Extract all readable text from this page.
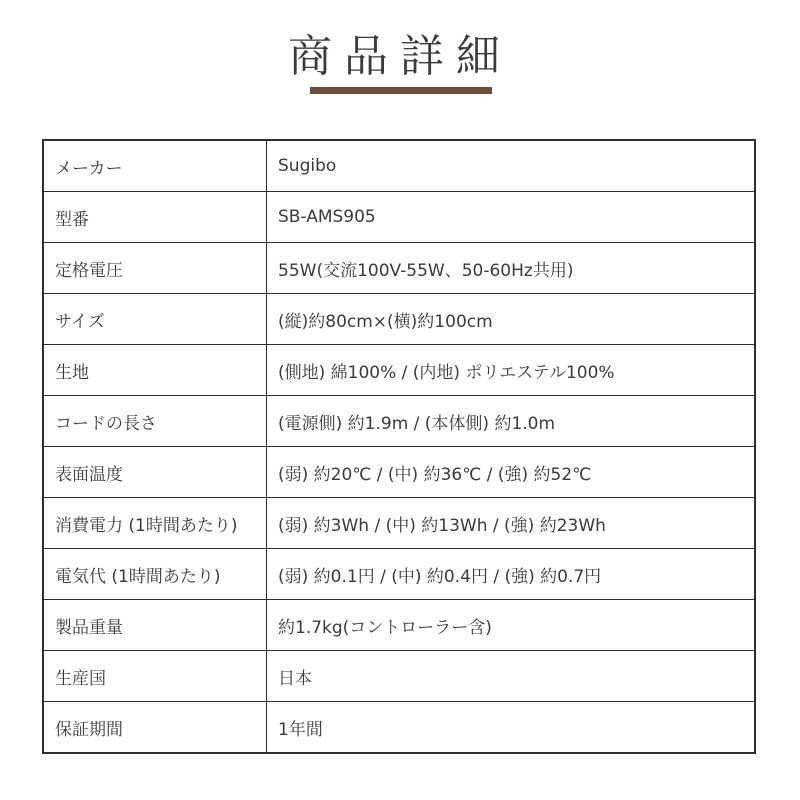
商品詳細
メーカー	Sugibo
型番	SB-AMS905
定格電圧	55W(交流100V-55W、50-60Hz共用)
サイズ	(縦)約80cm×(横)約100cm
生地	(側地) 綿100% / (内地) ポリエステル100%
コードの長さ	(電源側) 約1.9m / (本体側) 約1.0m
表面温度	(弱) 約20℃ / (中) 約36℃ / (強) 約52℃
消費電力 (1時間あたり)	(弱) 約3Wh / (中) 約13Wh / (強) 約23Wh
電気代 (1時間あたり)	(弱) 約0.1円 / (中) 約0.4円 / (強) 約0.7円
製品重量	約1.7kg(コントローラー含)
生産国	日本
保証期間	1年間
